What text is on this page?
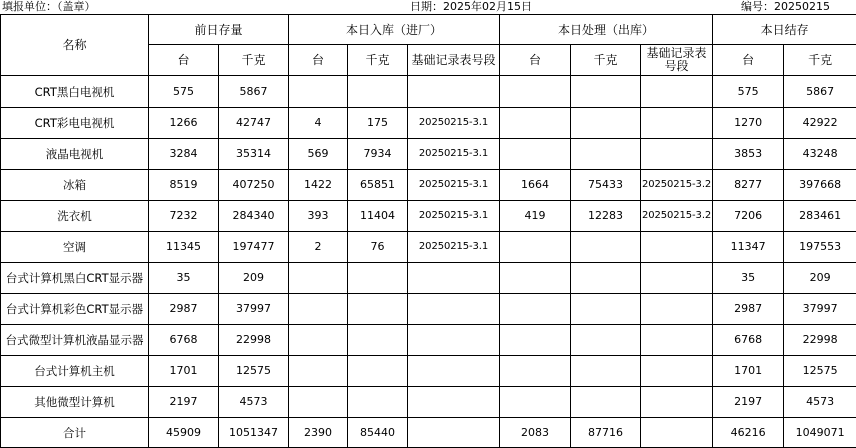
填报单位：（盖章）	日期：2025年02月15日	编号：20250215
名称	前日存量		本日入库（进厂）			本日处理（出库）			本日结存	
	台	千克	台	千克	基础记录表号段	台	千克	基础记录表号段	台	千克
CRT黑白电视机	575	5867							575	5867
CRT彩电电视机	1266	42747	4	175	20250215-3.1				1270	42922
液晶电视机	3284	35314	569	7934	20250215-3.1				3853	43248
冰箱	8519	407250	1422	65851	20250215-3.1	1664	75433	20250215-3.2	8277	397668
洗衣机	7232	284340	393	11404	20250215-3.1	419	12283	20250215-3.2	7206	283461
空调	11345	197477	2	76	20250215-3.1				11347	197553
台式计算机黑白CRT显示器	35	209							35	209
台式计算机彩色CRT显示器	2987	37997							2987	37997
台式微型计算机液晶显示器	6768	22998							6768	22998
台式计算机主机	1701	12575							1701	12575
其他微型计算机	2197	4573							2197	4573
合计	45909	1051347	2390	85440		2083	87716		46216	1049071
